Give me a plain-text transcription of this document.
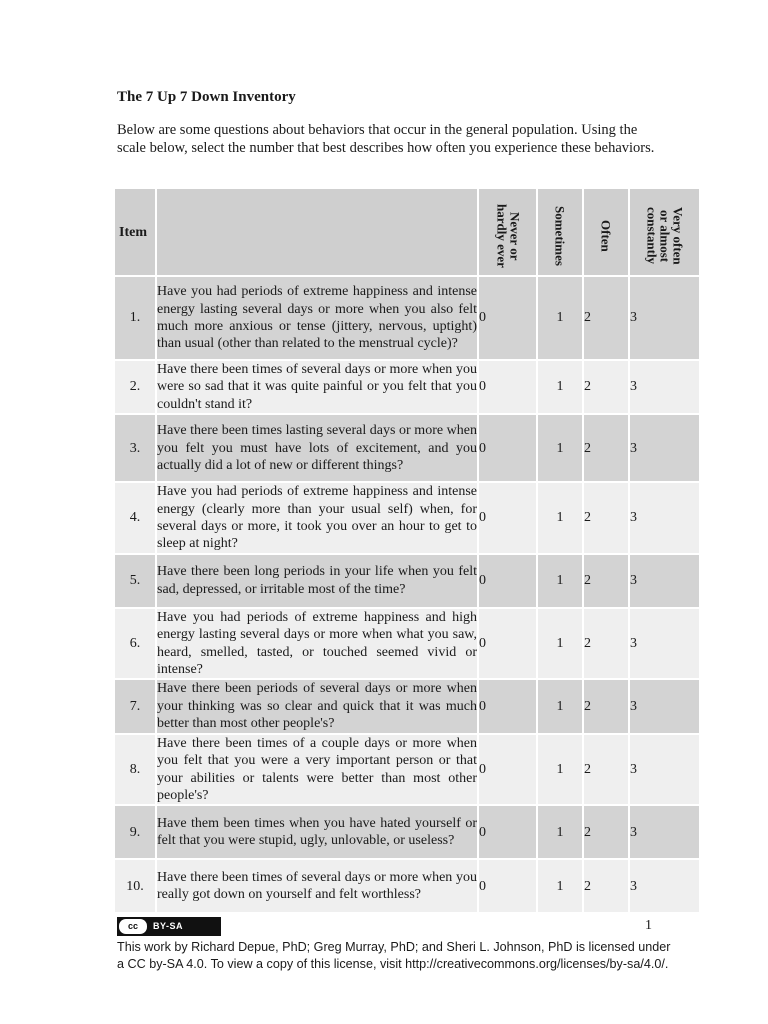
The 7 Up 7 Down Inventory
Below are some questions about behaviors that occur in the general population. Using the scale below, select the number that best describes how often you experience these behaviors.
Item		Never or hardly ever	Sometimes	Often	Very often or almost constantly

1.	Have you had periods of extreme happiness and intense energy lasting several days or more when you also felt much more anxious or tense (jittery, nervous, uptight) than usual (other than related to the menstrual cycle)?	0	1	2	3
2.	Have there been times of several days or more when you were so sad that it was quite painful or you felt that you couldn't stand it?	0	1	2	3
3.	Have there been times lasting several days or more when you felt you must have lots of excitement, and you actually did a lot of new or different things?	0	1	2	3
4.	Have you had periods of extreme happiness and intense energy (clearly more than your usual self) when, for several days or more, it took you over an hour to get to sleep at night?	0	1	2	3
5.	Have there been long periods in your life when you felt sad, depressed, or irritable most of the time?	0	1	2	3
6.	Have you had periods of extreme happiness and high energy lasting several days or more when what you saw, heard, smelled, tasted, or touched seemed vivid or intense?	0	1	2	3
7.	Have there been periods of several days or more when your thinking was so clear and quick that it was much better than most other people's?	0	1	2	3
8.	Have there been times of a couple days or more when you felt that you were a very important person or that your abilities or talents were better than most other people's?	0	1	2	3
9.	Have them been times when you have hated yourself or felt that you were stupid, ugly, unlovable, or useless?	0	1	2	3
10.	Have there been times of several days or more when you really got down on yourself and felt worthless?	0	1	2	3
1
cc	BY-SA
This work by Richard Depue, PhD; Greg Murray, PhD; and Sheri L. Johnson, PhD is licensed under a CC by-SA 4.0. To view a copy of this license, visit http://creativecommons.org/licenses/by-sa/4.0/.
